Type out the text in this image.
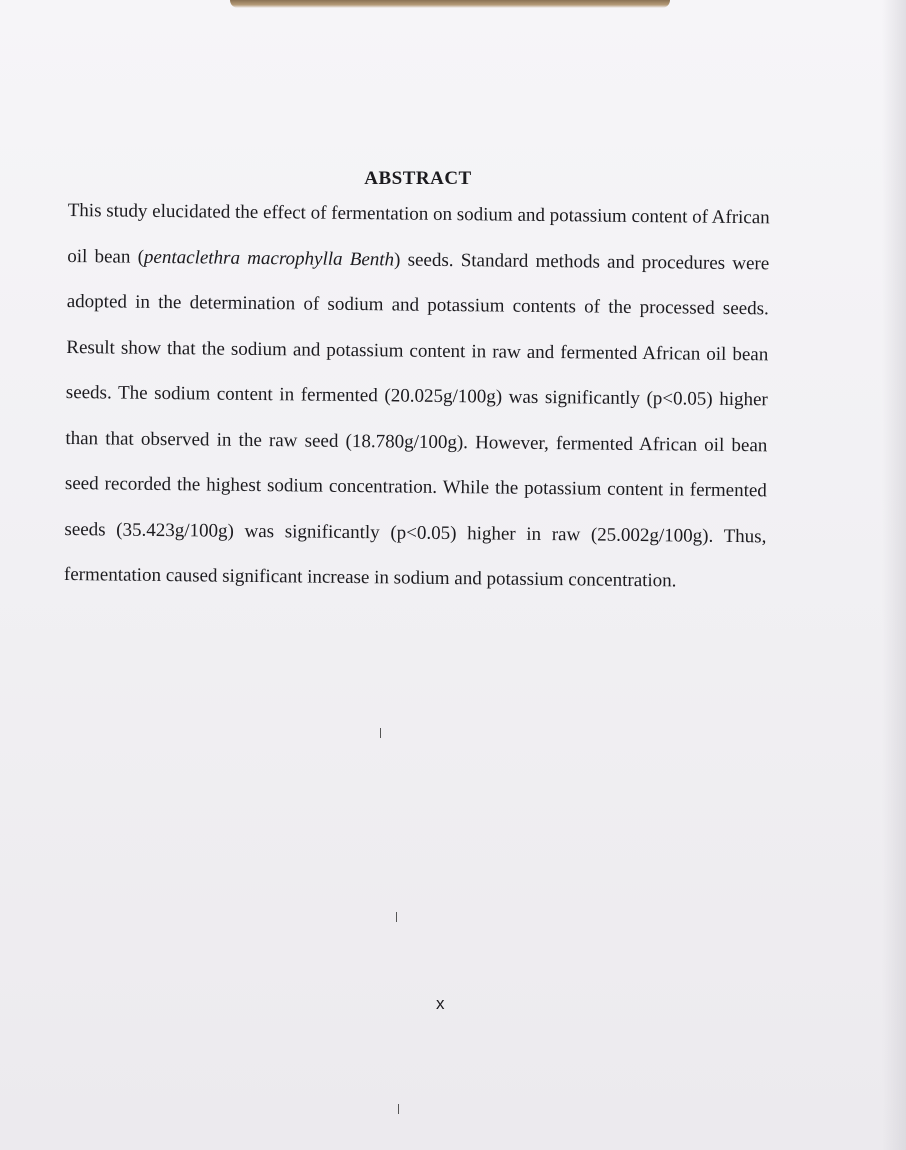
ABSTRACT
This study elucidated the effect of fermentation on sodium and potassium content of African oil bean (pentaclethra macrophylla Benth) seeds. Standard methods and procedures were adopted in the determination of sodium and potassium contents of the processed seeds. Result show that the sodium and potassium content in raw and fermented African oil bean seeds. The sodium content in fermented (20.025g/100g) was significantly (p<0.05) higher than that observed in the raw seed (18.780g/100g). However, fermented African oil bean seed recorded the highest sodium concentration. While the potassium content in fermented seeds (35.423g/100g) was significantly (p<0.05) higher in raw (25.002g/100g). Thus, fermentation caused significant increase in sodium and potassium concentration.
x
